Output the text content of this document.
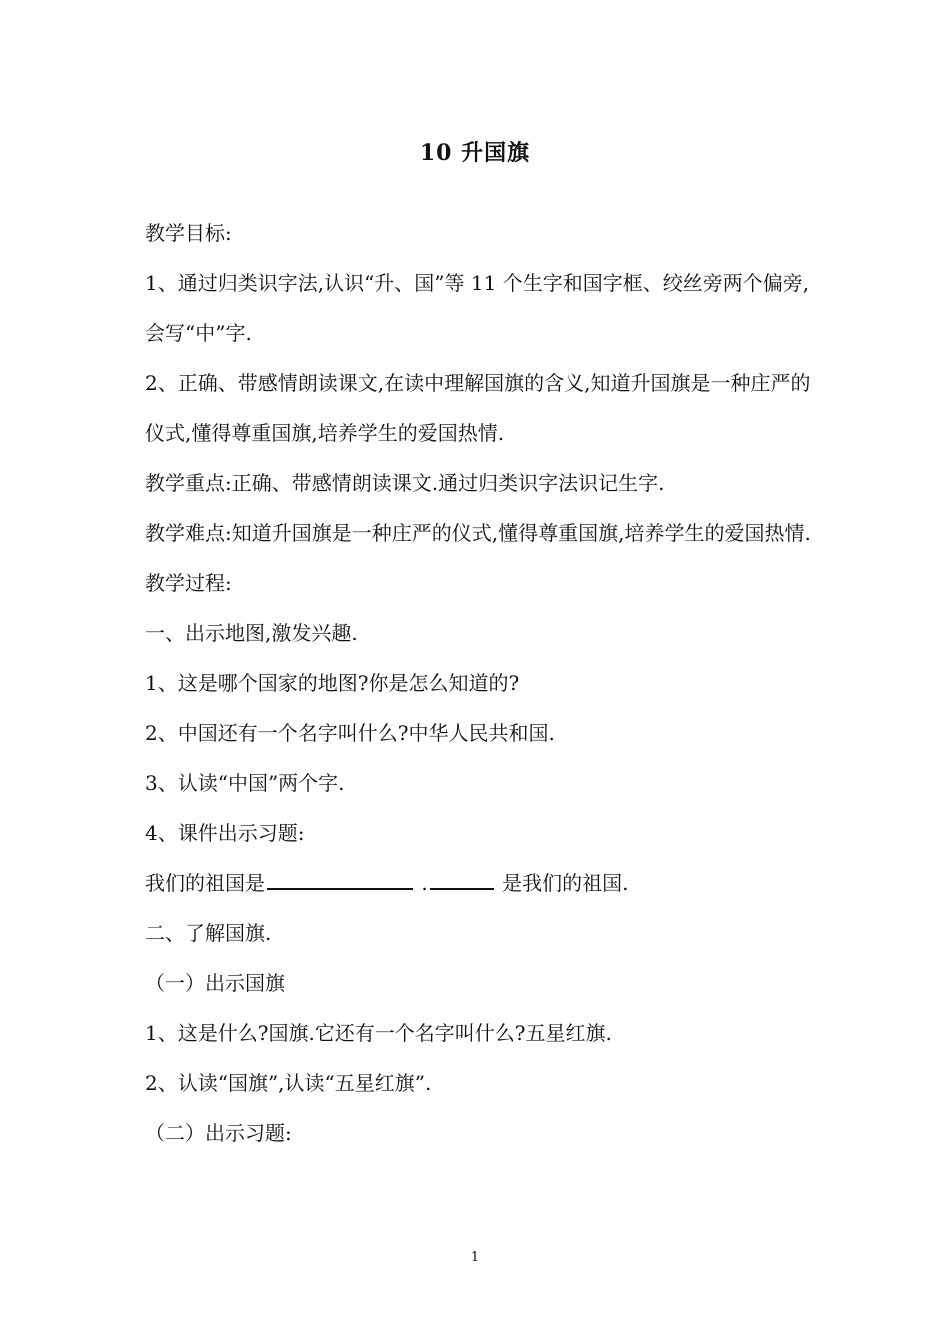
10 升国旗

教学目标:

1、通过归类识字法,认识“升、国”等 11 个生字和国字框、绞丝旁两个偏旁,会写“中”字.

2、正确、带感情朗读课文,在读中理解国旗的含义,知道升国旗是一种庄严的仪式,懂得尊重国旗,培养学生的爱国热情.

教学重点:正确、带感情朗读课文.通过归类识字法识记生字.

教学难点:知道升国旗是一种庄严的仪式,懂得尊重国旗,培养学生的爱国热情.

教学过程:

一、出示地图,激发兴趣.

1、这是哪个国家的地图?你是怎么知道的?

2、中国还有一个名字叫什么?中华人民共和国.

3、认读“中国”两个字.

4、课件出示习题:

我们的祖国是	.	是我们的祖国.

二、了解国旗.

（一）出示国旗

1、这是什么?国旗.它还有一个名字叫什么?五星红旗.

2、认读“国旗”,认读“五星红旗”.

（二）出示习题:

1
